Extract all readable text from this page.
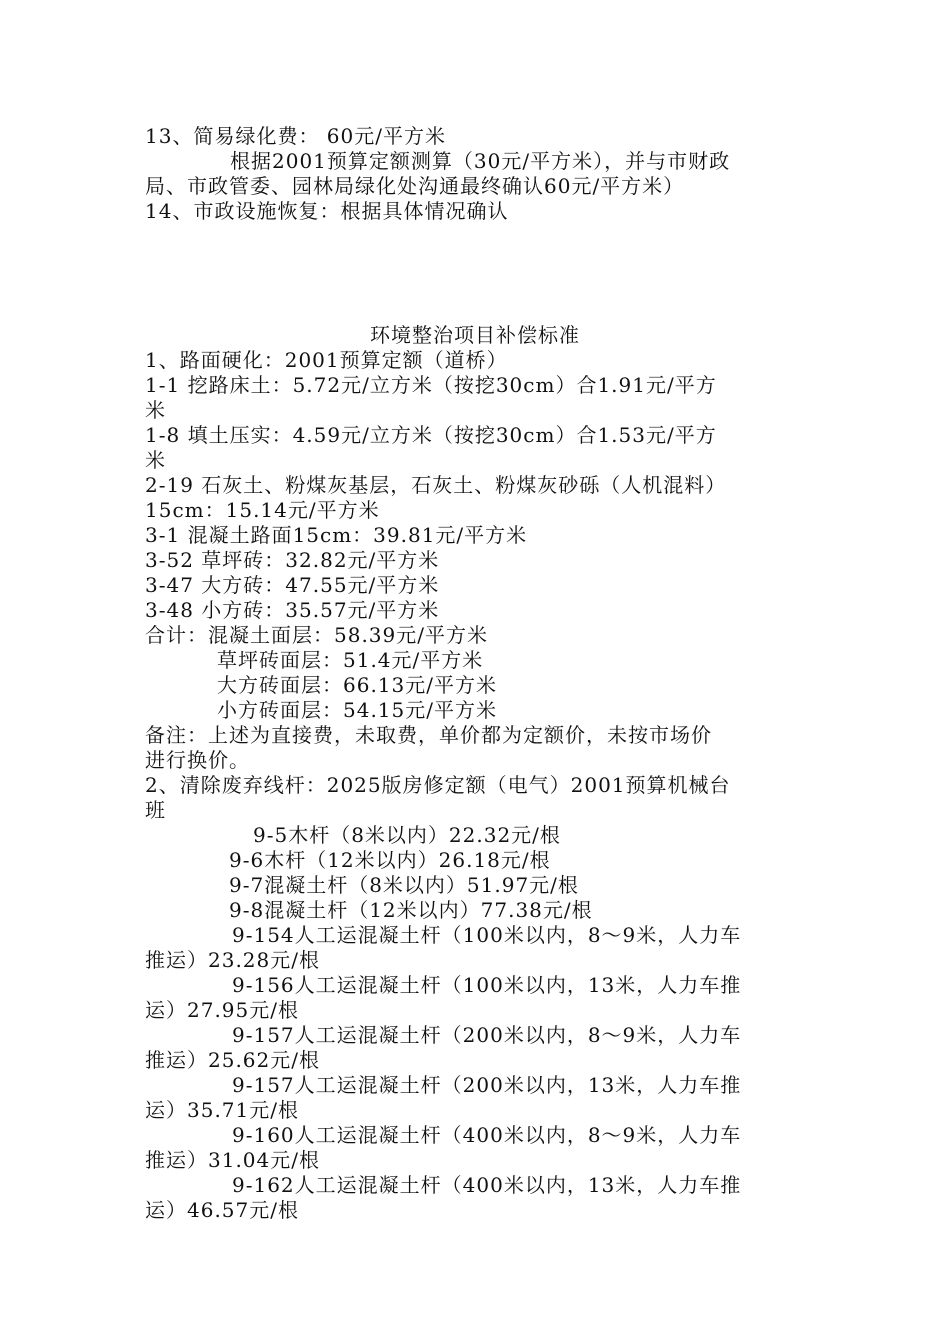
13、简易绿化费： 60元/平方米
根据2001预算定额测算（30元/平方米），并与市财政
局、市政管委、园林局绿化处沟通最终确认60元/平方米）
14、市政设施恢复：根据具体情况确认
环境整治项目补偿标准
1、路面硬化：2001预算定额（道桥）
1-1 挖路床土：5.72元/立方米（按挖30cm）合1.91元/平方
米
1-8 填土压实：4.59元/立方米（按挖30cm）合1.53元/平方
米
2-19 石灰土、粉煤灰基层，石灰土、粉煤灰砂砾（人机混料）
15cm：15.14元/平方米
3-1 混凝土路面15cm：39.81元/平方米
3-52 草坪砖：32.82元/平方米
3-47 大方砖：47.55元/平方米
3-48 小方砖：35.57元/平方米
合计：混凝土面层：58.39元/平方米
草坪砖面层：51.4元/平方米
大方砖面层：66.13元/平方米
小方砖面层：54.15元/平方米
备注：上述为直接费，未取费，单价都为定额价，未按市场价
进行换价。
2、清除废弃线杆：2025版房修定额（电气）2001预算机械台
班
9-5木杆（8米以内）22.32元/根
9-6木杆（12米以内）26.18元/根
9-7混凝土杆（8米以内）51.97元/根
9-8混凝土杆（12米以内）77.38元/根
9-154人工运混凝土杆（100米以内，8～9米，人力车
推运）23.28元/根
9-156人工运混凝土杆（100米以内，13米，人力车推
运）27.95元/根
9-157人工运混凝土杆（200米以内，8～9米，人力车
推运）25.62元/根
9-157人工运混凝土杆（200米以内，13米，人力车推
运）35.71元/根
9-160人工运混凝土杆（400米以内，8～9米，人力车
推运）31.04元/根
9-162人工运混凝土杆（400米以内，13米，人力车推
运）46.57元/根
